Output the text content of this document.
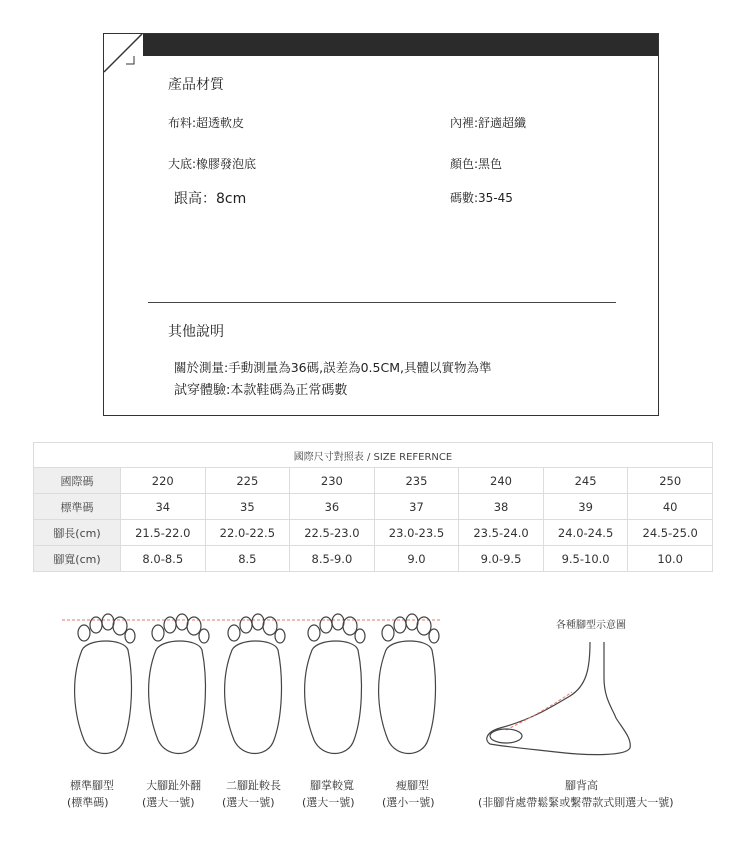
產品材質
布料:超透軟皮	內裡:舒適超纖
大底:橡膠發泡底	顏色:黑色
跟高：8cm	碼數:35-45
其他說明
關於測量:手動測量為36碼,誤差為0.5CM,具體以實物為準
試穿體驗:本款鞋碼為正常碼數
國際尺寸對照表 / SIZE REFERNCE							
國際碼	220	225	230	235	240	245	250
標準碼	34	35	36	37	38	39	40
腳長(cm)	21.5-22.0	22.0-22.5	22.5-23.0	23.0-23.5	23.5-24.0	24.0-24.5	24.5-25.0
腳寬(cm)	8.0-8.5	8.5	8.5-9.0	9.0	9.0-9.5	9.5-10.0	10.0
標準腳型
(標準碼)
大腳趾外翻
(選大一號)
二腳趾較長
(選大一號)
腳掌較寬
(選大一號)
瘦腳型
(選小一號)
各種腳型示意圖
腳背高
(非腳背處帶鬆緊或繫帶款式則選大一號)
